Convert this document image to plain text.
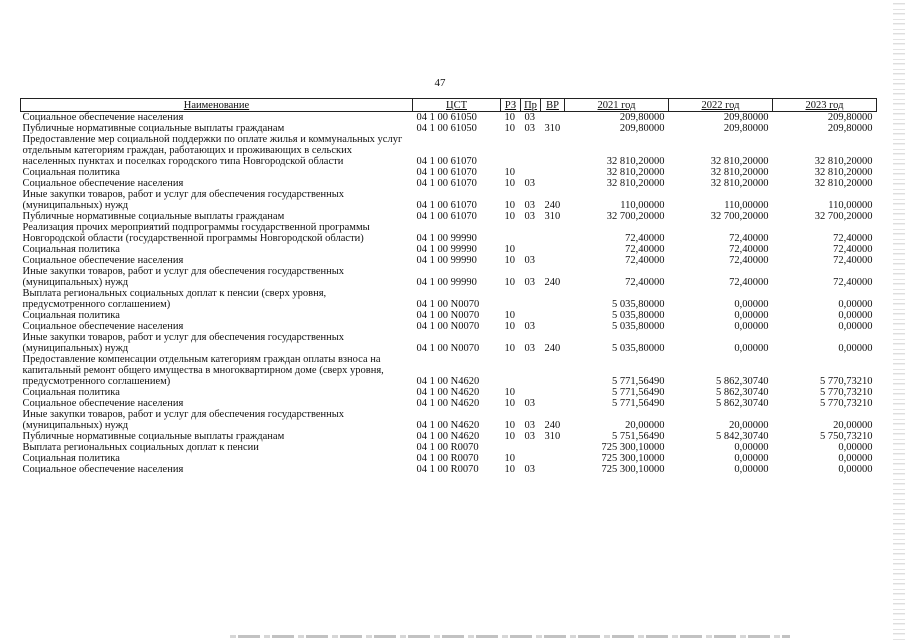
47
Наименование	ЦСТ	РЗ	Пр	ВР	2021 год	2022 год	2023 год
Социальное обеспечение населения	04 1 00 61050	10	03		209,80000	209,80000	209,80000
Публичные нормативные социальные выплаты гражданам	04 1 00 61050	10	03	310	209,80000	209,80000	209,80000
Предоставление мер социальной поддержки по оплате жилья и коммунальных услуг отдельным категориям граждан, работающих и проживающих в сельских населенных пунктах и поселках городского типа Новгородской области	04 1 00 61070				32 810,20000	32 810,20000	32 810,20000
Социальная политика	04 1 00 61070	10			32 810,20000	32 810,20000	32 810,20000
Социальное обеспечение населения	04 1 00 61070	10	03		32 810,20000	32 810,20000	32 810,20000
Иные закупки товаров, работ и услуг для обеспечения государственных (муниципальных) нужд	04 1 00 61070	10	03	240	110,00000	110,00000	110,00000
Публичные нормативные социальные выплаты гражданам	04 1 00 61070	10	03	310	32 700,20000	32 700,20000	32 700,20000
Реализация прочих мероприятий подпрограммы государственной программы Новгородской области (государственной программы Новгородской области)	04 1 00 99990				72,40000	72,40000	72,40000
Социальная политика	04 1 00 99990	10			72,40000	72,40000	72,40000
Социальное обеспечение населения	04 1 00 99990	10	03		72,40000	72,40000	72,40000
Иные закупки товаров, работ и услуг для обеспечения государственных (муниципальных) нужд	04 1 00 99990	10	03	240	72,40000	72,40000	72,40000
Выплата региональных социальных доплат к пенсии (сверх уровня, предусмотренного соглашением)	04 1 00 N0070				5 035,80000	0,00000	0,00000
Социальная политика	04 1 00 N0070	10			5 035,80000	0,00000	0,00000
Социальное обеспечение населения	04 1 00 N0070	10	03		5 035,80000	0,00000	0,00000
Иные закупки товаров, работ и услуг для обеспечения государственных (муниципальных) нужд	04 1 00 N0070	10	03	240	5 035,80000	0,00000	0,00000
Предоставление компенсации отдельным категориям граждан оплаты взноса на капитальный ремонт общего имущества в многоквартирном доме (сверх уровня, предусмотренного соглашением)	04 1 00 N4620				5 771,56490	5 862,30740	5 770,73210
Социальная политика	04 1 00 N4620	10			5 771,56490	5 862,30740	5 770,73210
Социальное обеспечение населения	04 1 00 N4620	10	03		5 771,56490	5 862,30740	5 770,73210
Иные закупки товаров, работ и услуг для обеспечения государственных (муниципальных) нужд	04 1 00 N4620	10	03	240	20,00000	20,00000	20,00000
Публичные нормативные социальные выплаты гражданам	04 1 00 N4620	10	03	310	5 751,56490	5 842,30740	5 750,73210
Выплата региональных социальных доплат к пенсии	04 1 00 R0070				725 300,10000	0,00000	0,00000
Социальная политика	04 1 00 R0070	10			725 300,10000	0,00000	0,00000
Социальное обеспечение населения	04 1 00 R0070	10	03		725 300,10000	0,00000	0,00000
